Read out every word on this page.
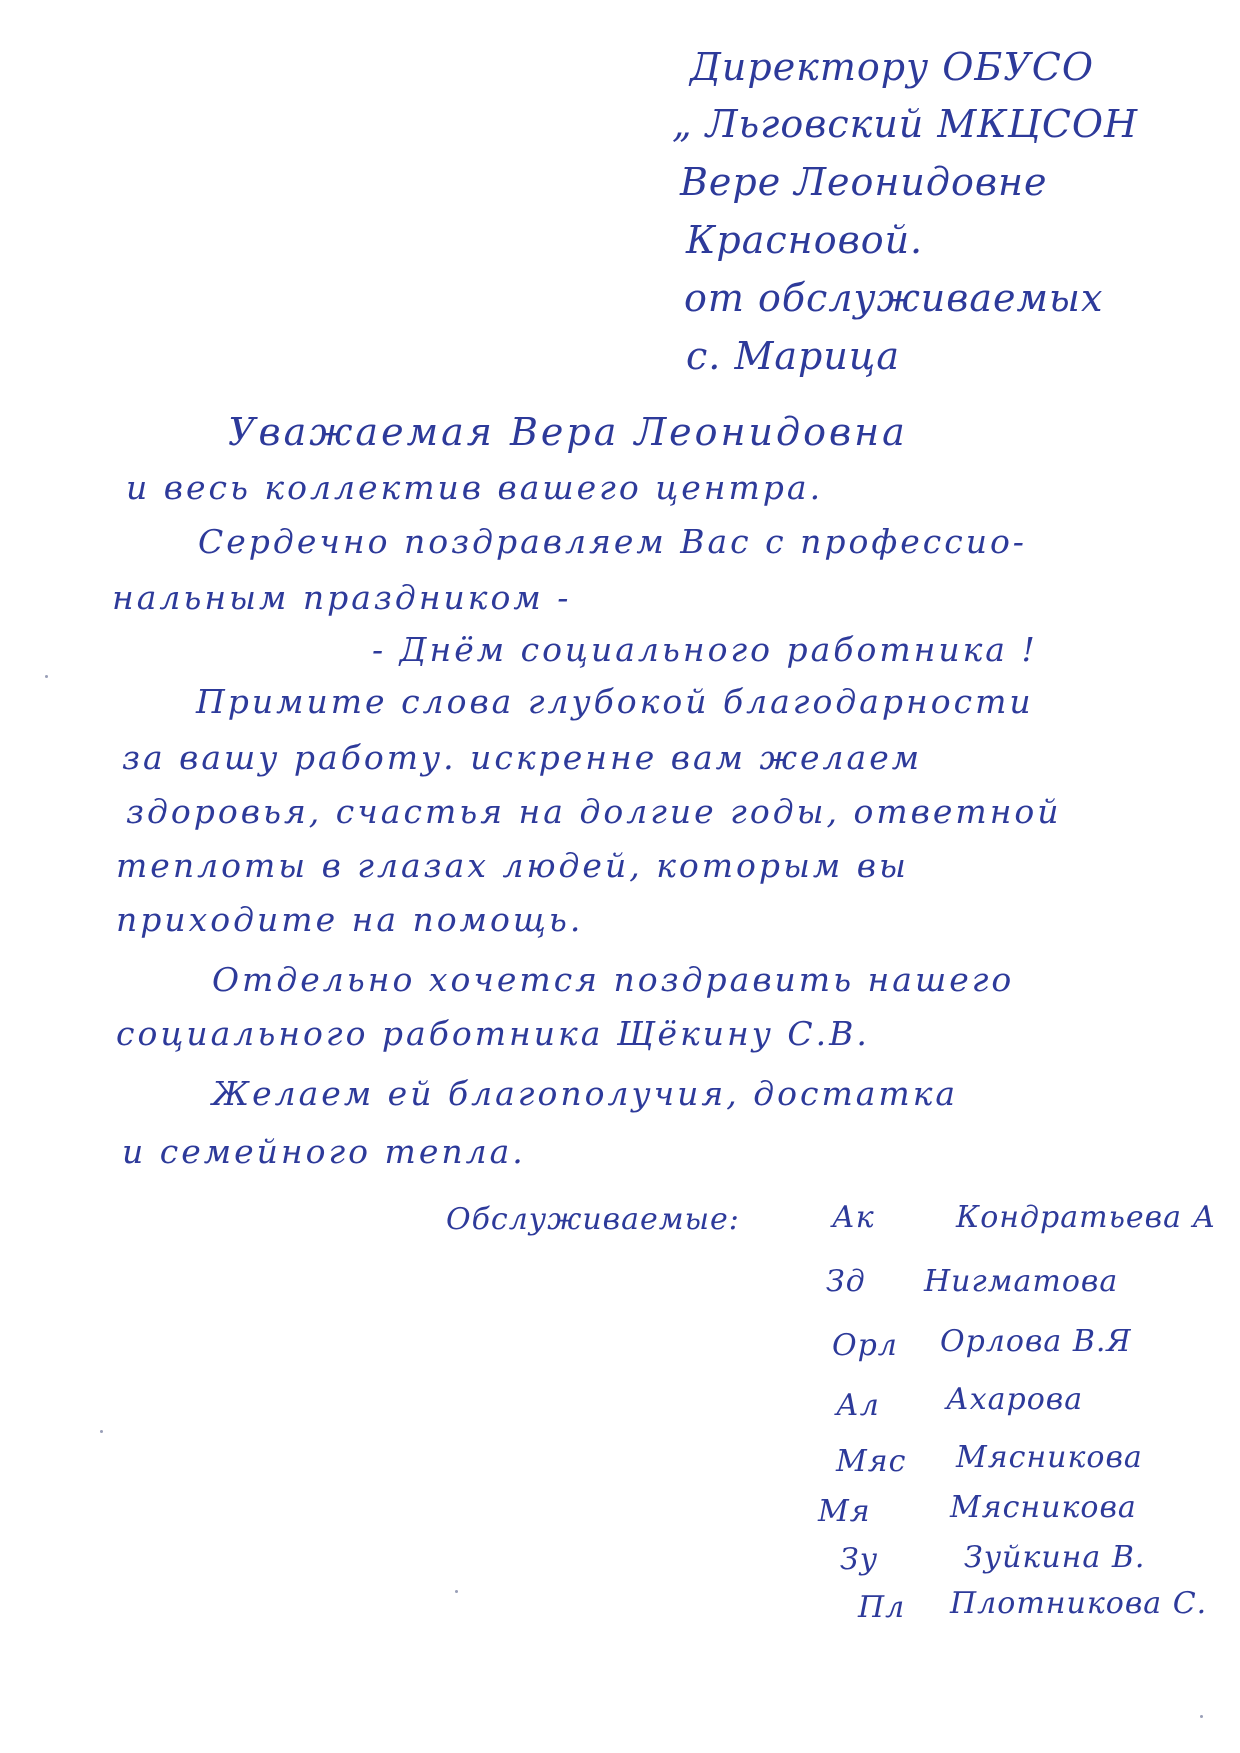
Директору ОБУСО
„ Льговский МКЦСОН
Вере Леонидовне
Красновой.
от обслуживаемых
с. Марица
Уважаемая Вера Леонидовна
и весь коллектив вашего центра.
Сердечно поздравляем Вас с профессио-
нальным праздником -
- Днём социального работника !
Примите слова глубокой благодарности
за вашу работу. искренне вам желаем
здоровья, счастья на долгие годы, ответной
теплоты в глазах людей, которым вы
приходите на помощь.
Отдельно хочется поздравить нашего
социального работника Щёкину С.В.
Желаем ей благополучия, достатка
и семейного тепла.
Обслуживаемые:	Ак	Кондратьева А
Зд Нигматова
Орл Орлова В.Я
Ал Ахарова
Мяс Мясникова
Мя	Мясникова
Зу	Зуйкина В.
Пл Плотникова С.
